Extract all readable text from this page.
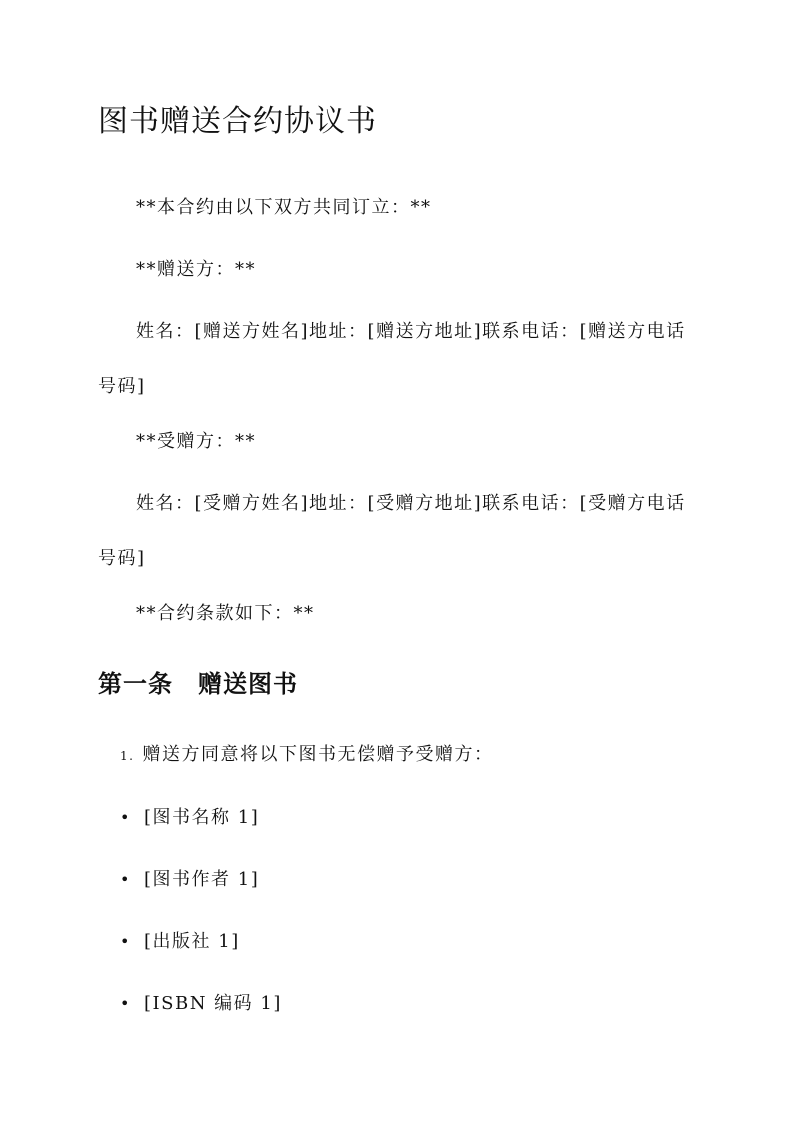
图书赠送合约协议书

**本合约由以下双方共同订立：**

**赠送方：**

姓名：[赠送方姓名]地址：[赠送方地址]联系电话：[赠送方电话号码]

**受赠方：**

姓名：[受赠方姓名]地址：[受赠方地址]联系电话：[受赠方电话号码]

**合约条款如下：**

第一条　赠送图书
1. 赠送方同意将以下图书无偿赠予受赠方：
• [图书名称 1]
• [图书作者 1]
• [出版社 1]
• [ISBN 编码 1]
